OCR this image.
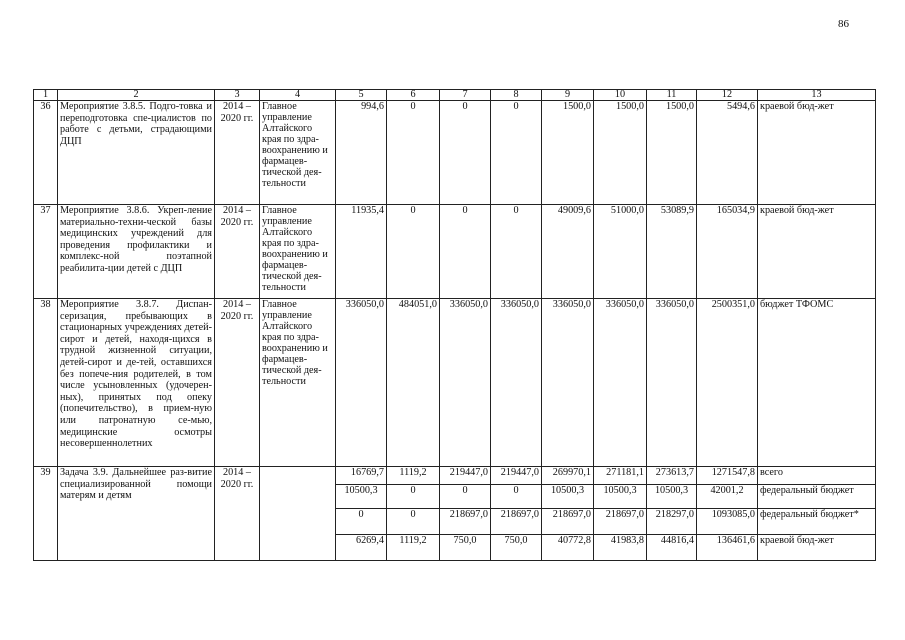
86
1	2	3	4	5	6	7	8	9	10	11	12	13
36	Мероприятие 3.8.5. Подго-товка и переподготовка спе-циалистов по работе с детьми, страдающими ДЦП	2014 – 2020 гг.	Главное управление Алтайского края по здра-воохранению и фармацев-тической дея-тельности	994,6	0	0	0	1500,0	1500,0	1500,0	5494,6	краевой бюд-жет
37	Мероприятие 3.8.6. Укреп-ление материально-техни-ческой базы медицинских учреждений для проведения профилактики и комплекс-ной поэтапной реабилита-ции детей с ДЦП	2014 – 2020 гг.	Главное управление Алтайского края по здра-воохранению и фармацев-тической дея-тельности	11935,4	0	0	0	49009,6	51000,0	53089,9	165034,9	краевой бюд-жет
38	Мероприятие 3.8.7. Диспан-серизация, пребывающих в стационарных учреждениях детей-сирот и детей, находя-щихся в трудной жизненной ситуации, детей-сирот и де-тей, оставшихся без попече-ния родителей, в том числе усыновленных (удочерен-ных), принятых под опеку (попечительство), в прием-ную или патронатную се-мью, медицинские осмотры несовершеннолетних	2014 – 2020 гг.	Главное управление Алтайского края по здра-воохранению и фармацев-тической дея-тельности	336050,0	484051,0	336050,0	336050,0	336050,0	336050,0	336050,0	2500351,0	бюджет ТФОМС
39	Задача 3.9. Дальнейшее раз-витие специализированной помощи матерям и детям	2014 – 2020 гг.		16769,7	1119,2	219447,0	219447,0	269970,1	271181,1	273613,7	1271547,8	всего
				10500,3	0	0	0	10500,3	10500,3	10500,3	42001,2	федеральный бюджет
				0	0	218697,0	218697,0	218697,0	218697,0	218297,0	1093085,0	федеральный бюджет*
				6269,4	1119,2	750,0	750,0	40772,8	41983,8	44816,4	136461,6	краевой бюд-жет
